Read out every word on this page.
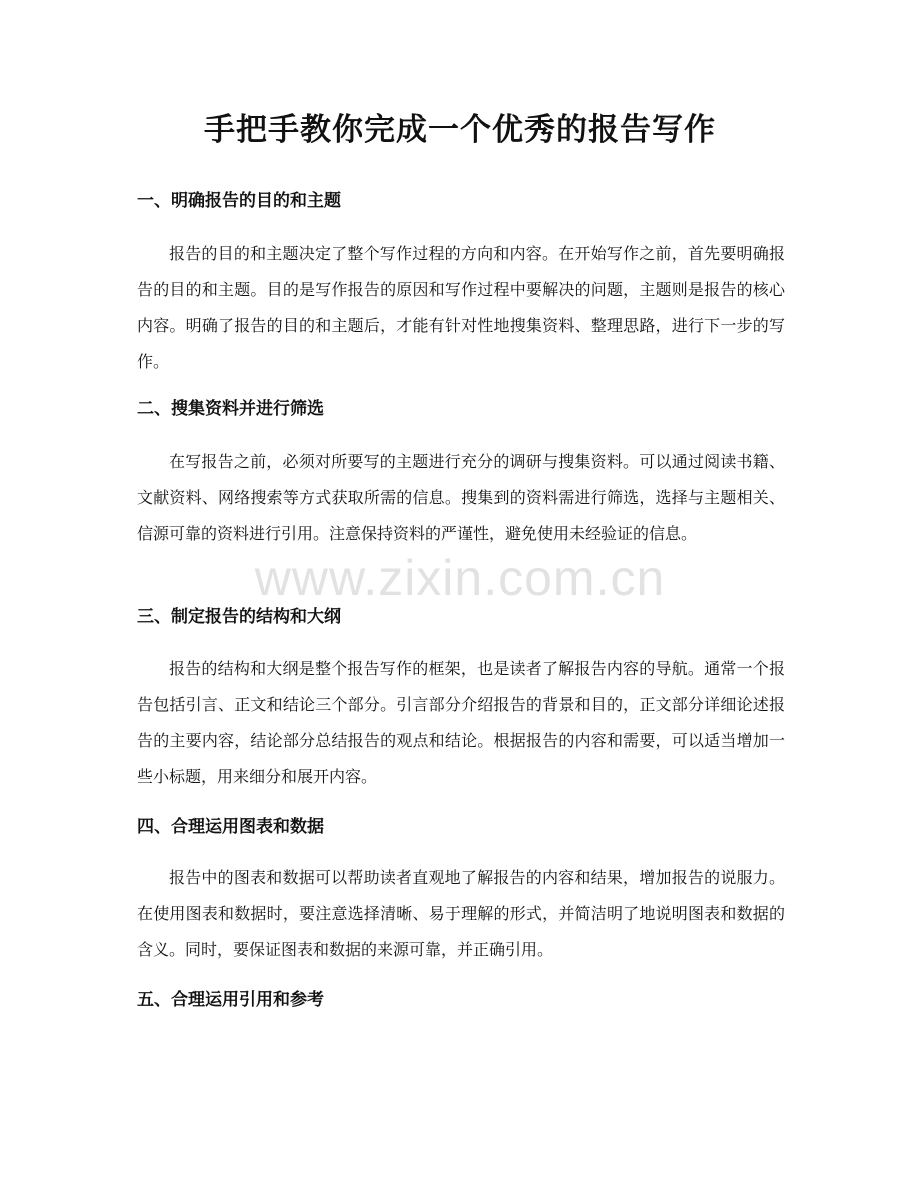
手把手教你完成一个优秀的报告写作
一、明确报告的目的和主题

报告的目的和主题决定了整个写作过程的方向和内容。在开始写作之前，首先要明确报告的目的和主题。目的是写作报告的原因和写作过程中要解决的问题，主题则是报告的核心内容。明确了报告的目的和主题后，才能有针对性地搜集资料、整理思路，进行下一步的写作。

二、搜集资料并进行筛选

在写报告之前，必须对所要写的主题进行充分的调研与搜集资料。可以通过阅读书籍、文献资料、网络搜索等方式获取所需的信息。搜集到的资料需进行筛选，选择与主题相关、信源可靠的资料进行引用。注意保持资料的严谨性，避免使用未经验证的信息。

三、制定报告的结构和大纲

报告的结构和大纲是整个报告写作的框架，也是读者了解报告内容的导航。通常一个报告包括引言、正文和结论三个部分。引言部分介绍报告的背景和目的，正文部分详细论述报告的主要内容，结论部分总结报告的观点和结论。根据报告的内容和需要，可以适当增加一些小标题，用来细分和展开内容。

四、合理运用图表和数据

报告中的图表和数据可以帮助读者直观地了解报告的内容和结果，增加报告的说服力。在使用图表和数据时，要注意选择清晰、易于理解的形式，并简洁明了地说明图表和数据的含义。同时，要保证图表和数据的来源可靠，并正确引用。

五、合理运用引用和参考
www.zixin.com.cn
